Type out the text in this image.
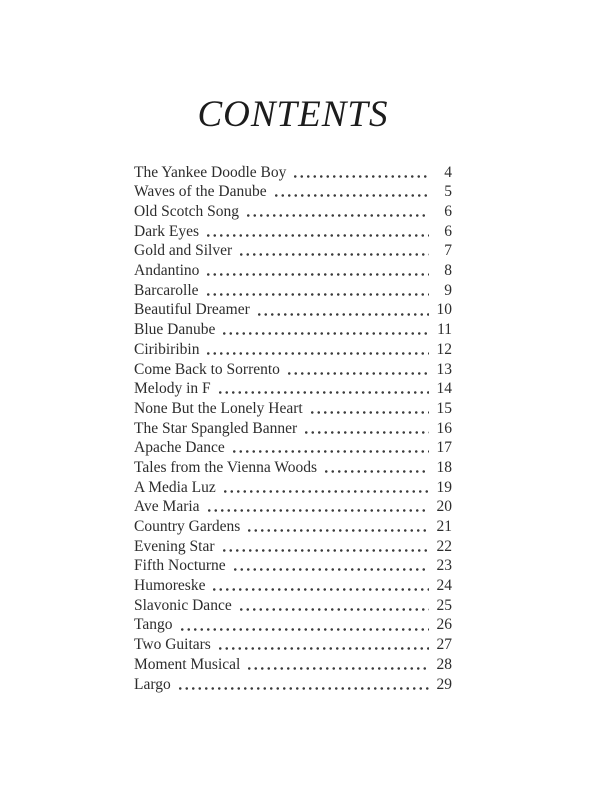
CONTENTS
The Yankee Doodle Boy	4
Waves of the Danube	5
Old Scotch Song	6
Dark Eyes	6
Gold and Silver	7
Andantino	8
Barcarolle	9
Beautiful Dreamer	10
Blue Danube	11
Ciribiribin	12
Come Back to Sorrento	13
Melody in F	14
None But the Lonely Heart	15
The Star Spangled Banner	16
Apache Dance	17
Tales from the Vienna Woods	18
A Media Luz	19
Ave Maria	20
Country Gardens	21
Evening Star	22
Fifth Nocturne	23
Humoreske	24
Slavonic Dance	25
Tango	26
Two Guitars	27
Moment Musical	28
Largo	29
